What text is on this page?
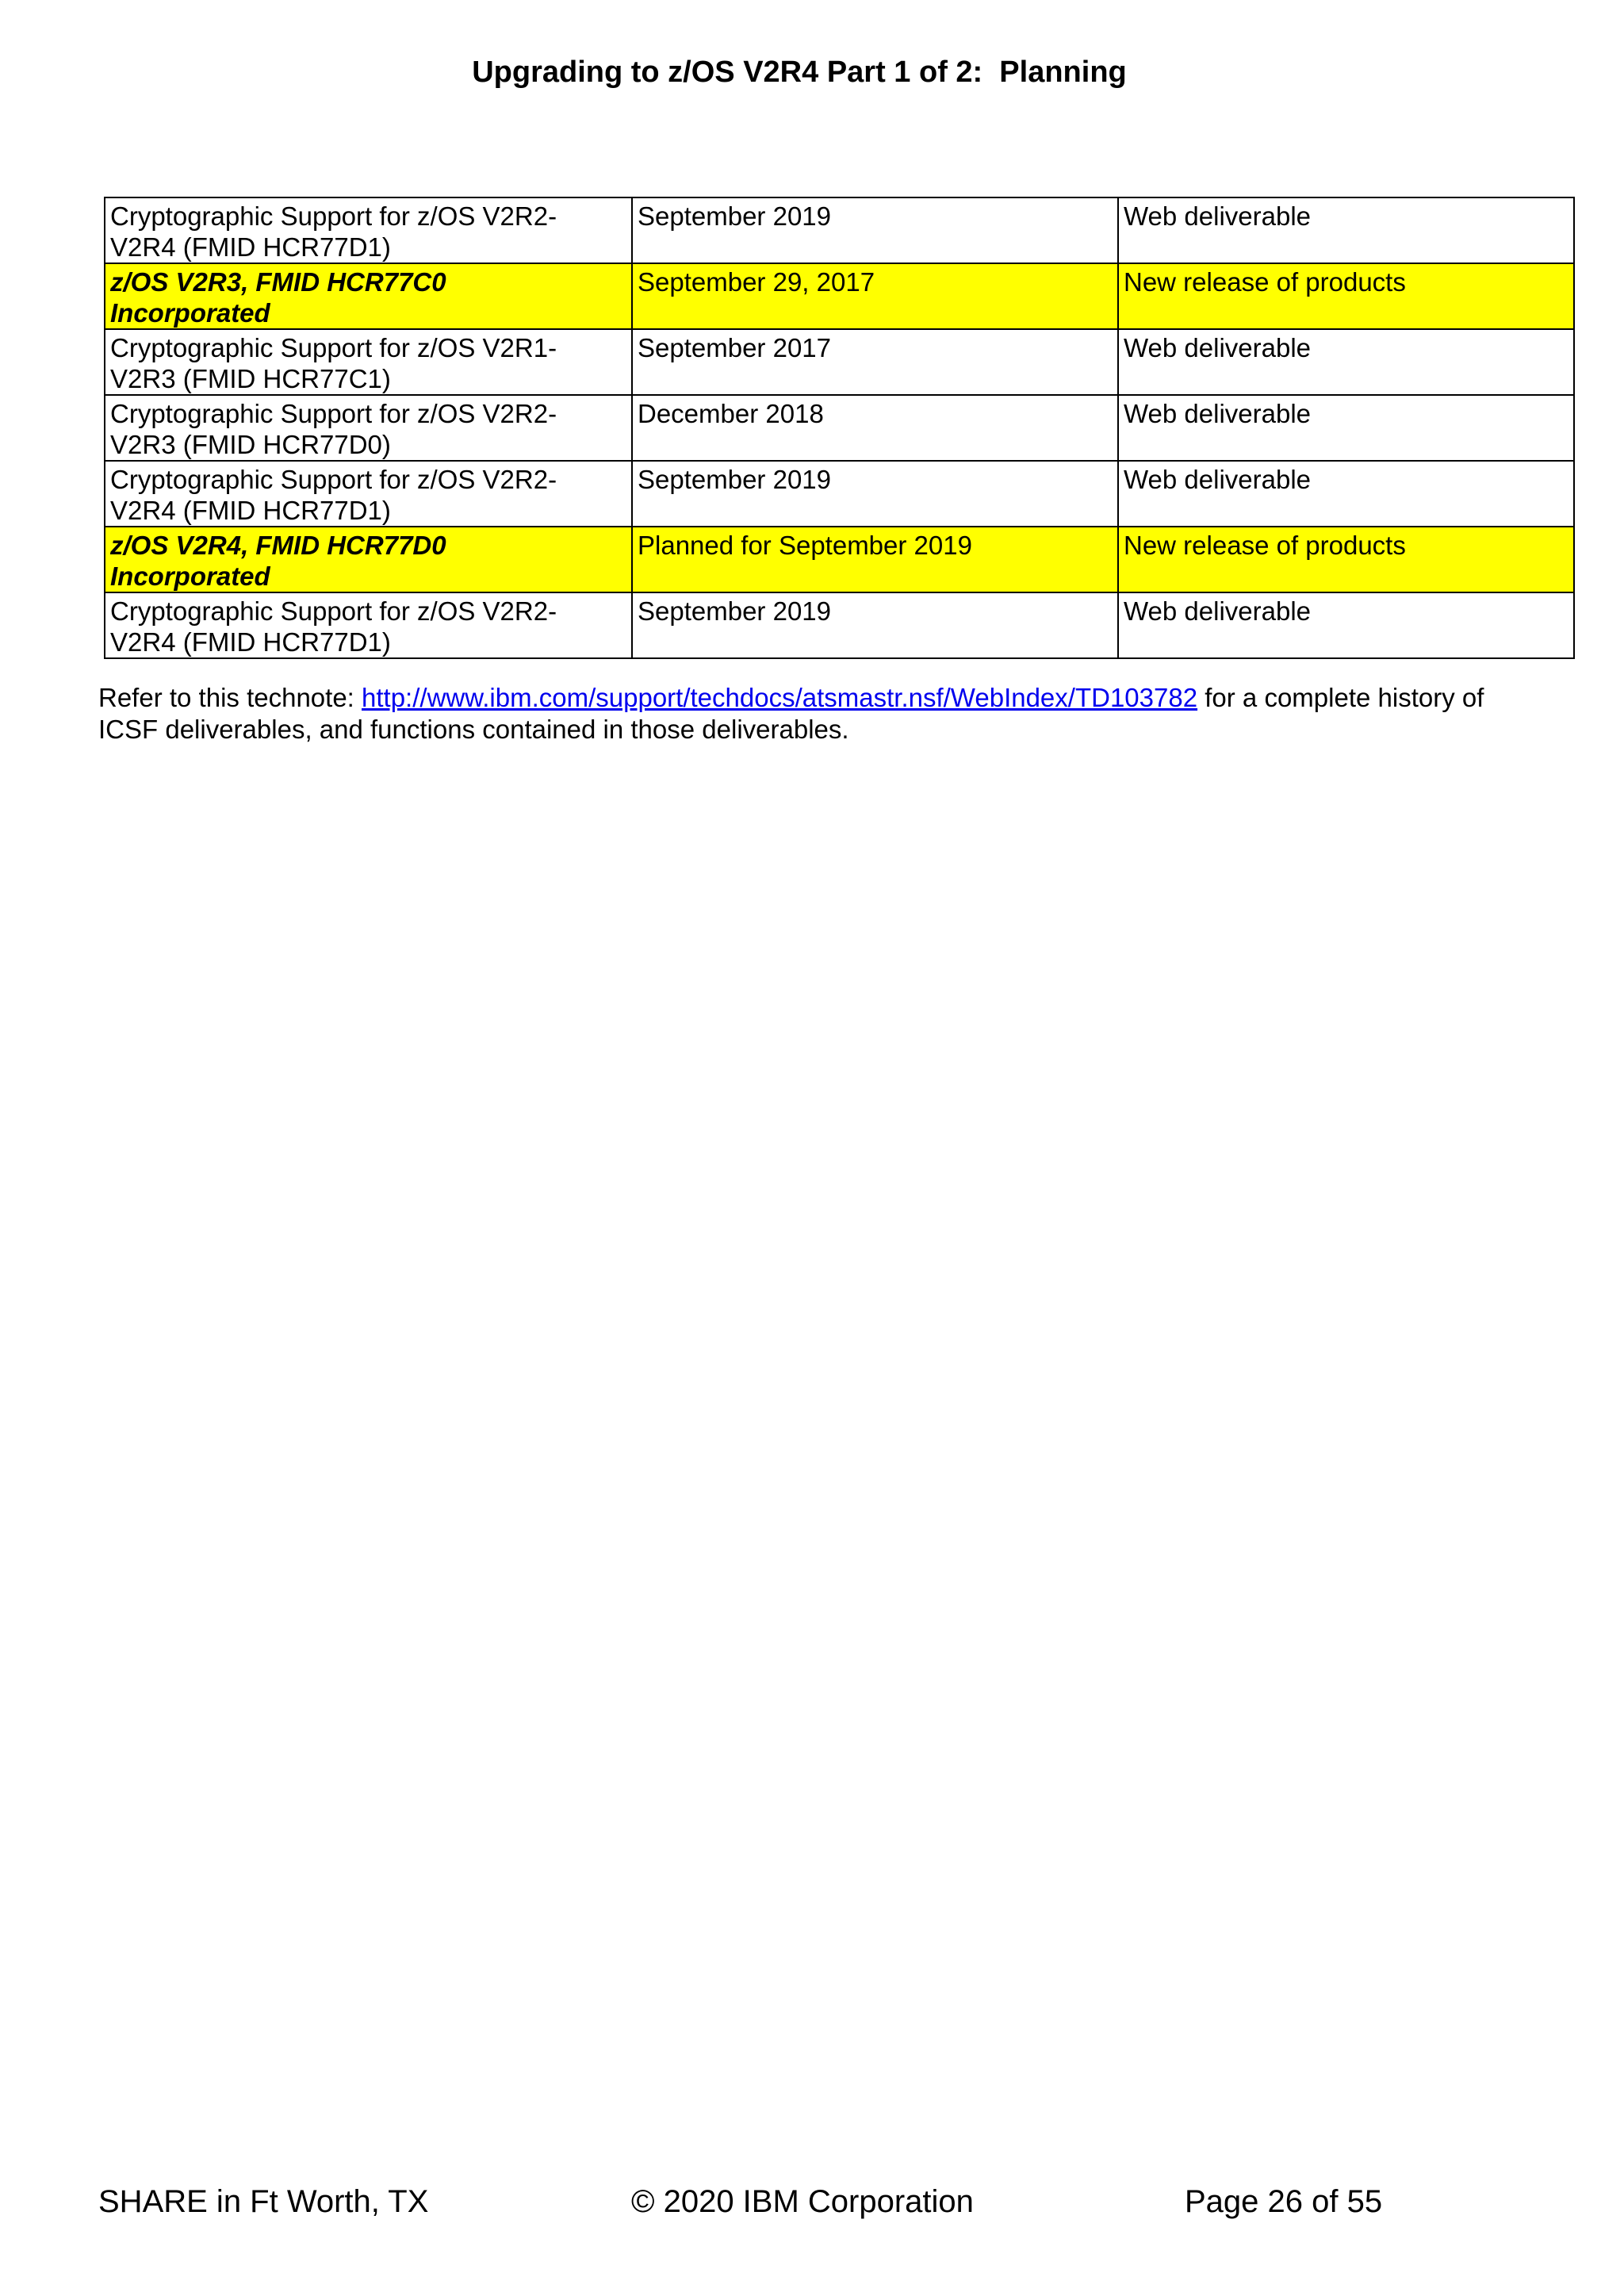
Upgrading to z/OS V2R4 Part 1 of 2:  Planning
Cryptographic Support for z/OS V2R2-
V2R4 (FMID HCR77D1)	September 2019	Web deliverable
z/OS V2R3, FMID HCR77C0
Incorporated	September 29, 2017	New release of products
Cryptographic Support for z/OS V2R1-
V2R3 (FMID HCR77C1)	September 2017	Web deliverable
Cryptographic Support for z/OS V2R2-
V2R3 (FMID HCR77D0)	December 2018	Web deliverable
Cryptographic Support for z/OS V2R2-
V2R4 (FMID HCR77D1)	September 2019	Web deliverable
z/OS V2R4, FMID HCR77D0
Incorporated	Planned for September 2019	New release of products
Cryptographic Support for z/OS V2R2-
V2R4 (FMID HCR77D1)	September 2019	Web deliverable
Refer to this technote: http://www.ibm.com/support/techdocs/atsmastr.nsf/WebIndex/TD103782 for a complete history of ICSF deliverables, and functions contained in those deliverables.
SHARE in Ft Worth, TX	© 2020 IBM Corporation	Page 26 of 55
